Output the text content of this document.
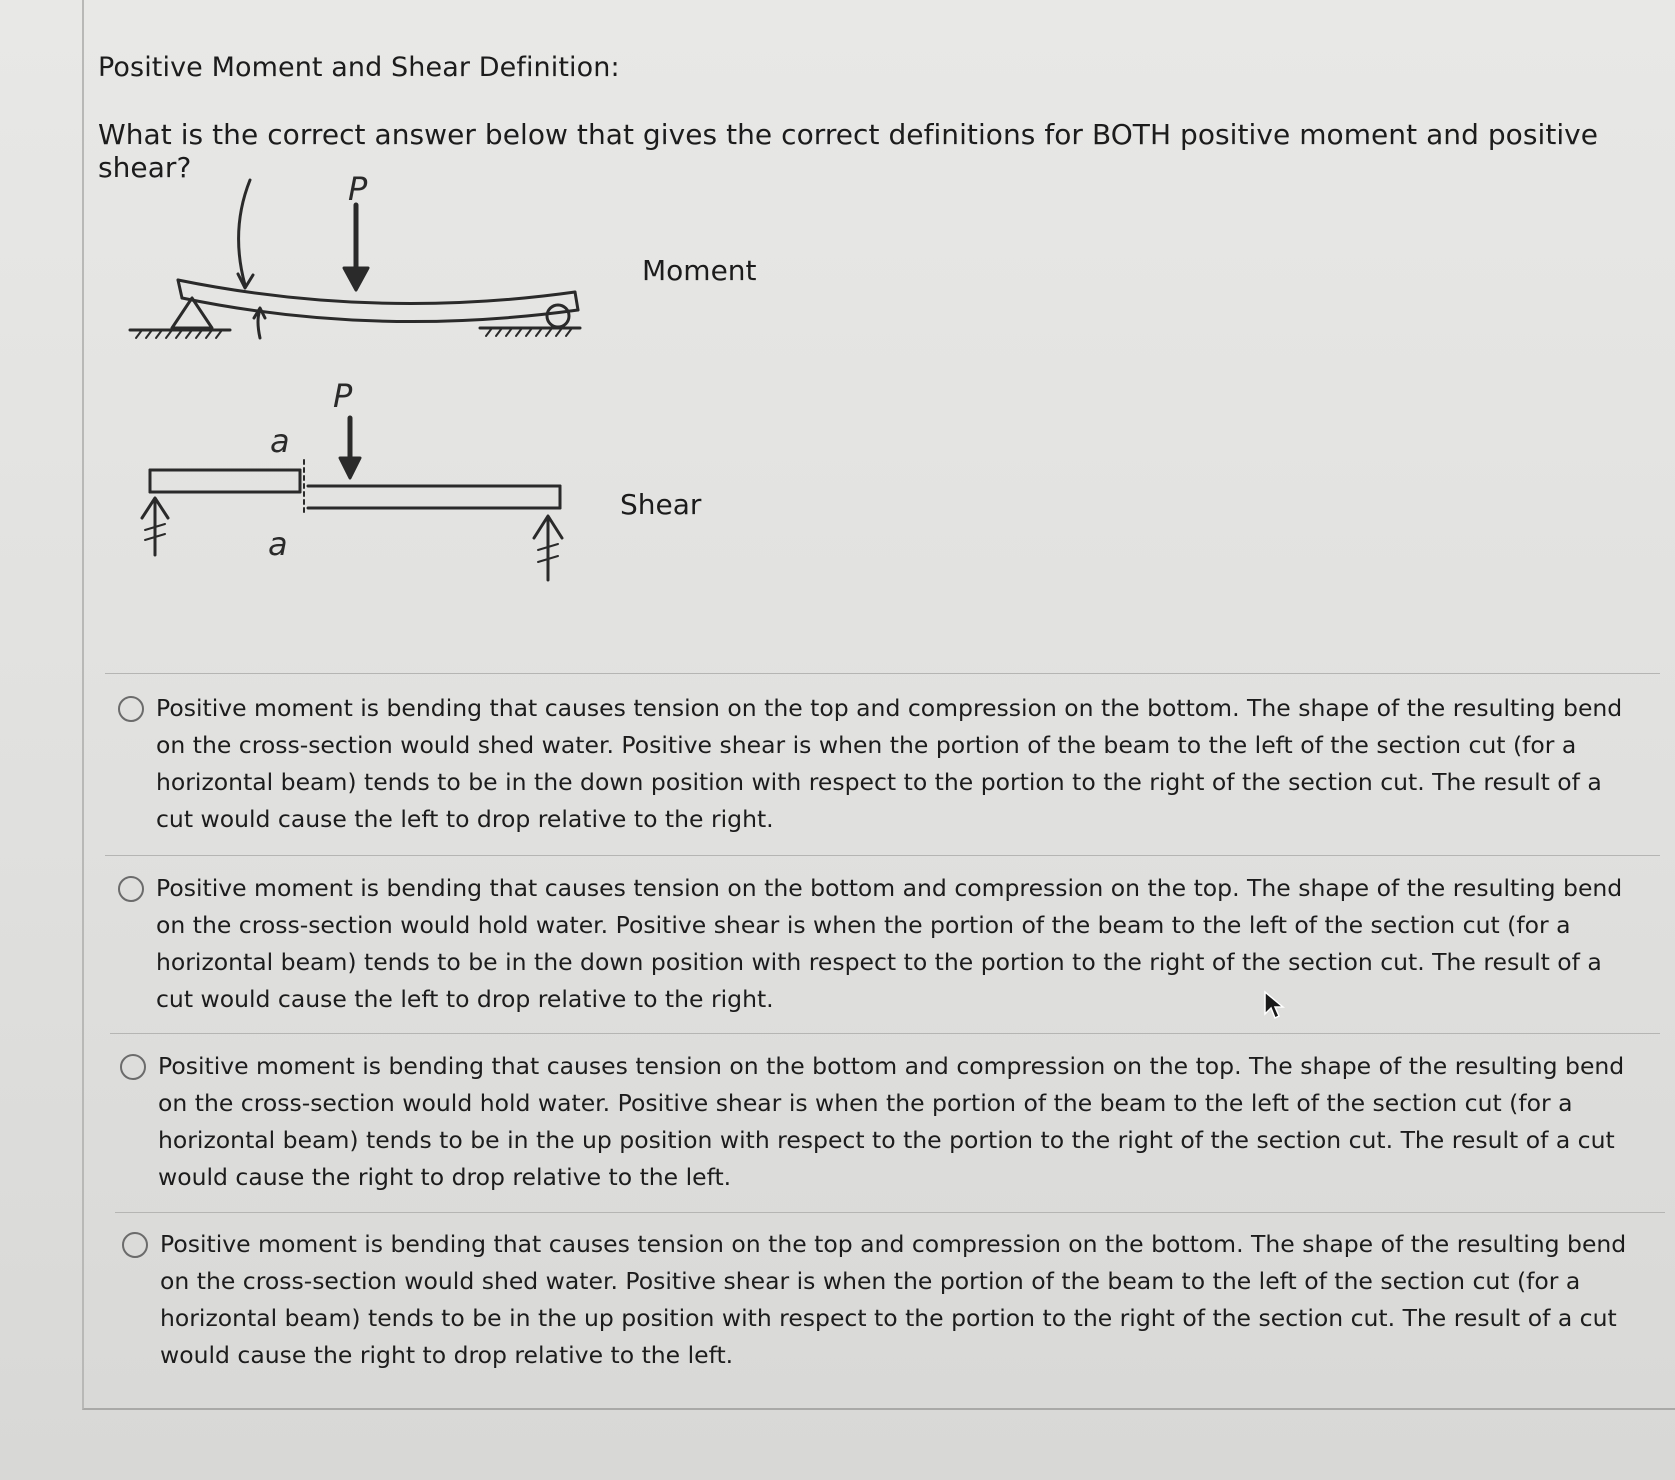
Positive Moment and Shear Definition:
What is the correct answer below that gives the correct definitions for BOTH positive moment and positive shear?
P
P
a
a
Moment
Shear
Positive moment is bending that causes tension on the top and compression on the bottom. The shape of the resulting bend on the cross-section would shed water. Positive shear is when the portion of the beam to the left of the section cut (for a horizontal beam) tends to be in the down position with respect to the portion to the right of the section cut. The result of a cut would cause the left to drop relative to the right.
Positive moment is bending that causes tension on the bottom and compression on the top. The shape of the resulting bend on the cross-section would hold water. Positive shear is when the portion of the beam to the left of the section cut (for a horizontal beam) tends to be in the down position with respect to the portion to the right of the section cut. The result of a cut would cause the left to drop relative to the right.
Positive moment is bending that causes tension on the bottom and compression on the top. The shape of the resulting bend on the cross-section would hold water. Positive shear is when the portion of the beam to the left of the section cut (for a horizontal beam) tends to be in the up position with respect to the portion to the right of the section cut. The result of a cut would cause the right to drop relative to the left.
Positive moment is bending that causes tension on the top and compression on the bottom. The shape of the resulting bend on the cross-section would shed water. Positive shear is when the portion of the beam to the left of the section cut (for a horizontal beam) tends to be in the up position with respect to the portion to the right of the section cut. The result of a cut would cause the right to drop relative to the left.
